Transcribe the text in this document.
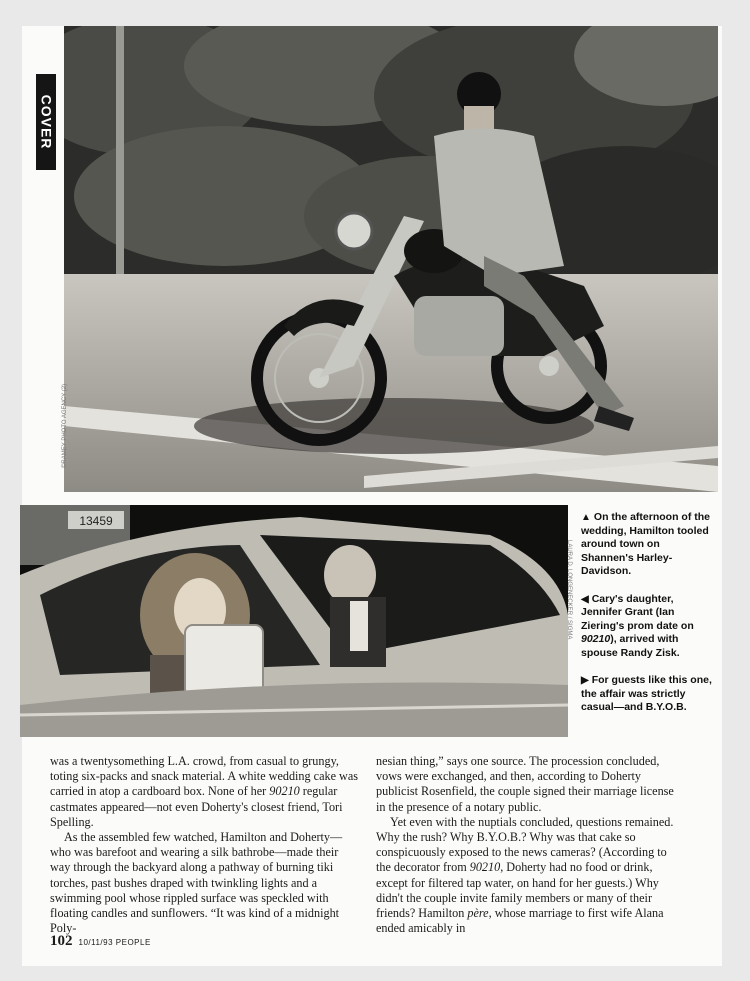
COVER
©RAMEY PHOTO AGENCY (2)
13459
LAURA D. LONGENECKER / SIGMA

▲ On the afternoon of the wedding, Hamilton tooled around town on Shannen's Harley-Davidson.

◀ Cary's daughter, Jennifer Grant (Ian Ziering's prom date on 90210), arrived with spouse Randy Zisk.

▶ For guests like this one, the affair was strictly casual—and B.Y.O.B.

was a twentysomething L.A. crowd, from casual to grungy, toting six-packs and snack material. A white wedding cake was carried in atop a cardboard box. None of her 90210 regular castmates appeared—not even Doherty's closest friend, Tori Spelling.

As the assembled few watched, Hamilton and Doherty—who was barefoot and wearing a silk bathrobe—made their way through the backyard along a pathway of burning tiki torches, past bushes draped with twinkling lights and a swimming pool whose rippled surface was speckled with floating candles and sunflowers. “It was kind of a midnight Poly-

nesian thing,” says one source. The procession concluded, vows were exchanged, and then, according to Doherty publicist Rosenfield, the couple signed their marriage license in the presence of a notary public.

Yet even with the nuptials concluded, questions remained. Why the rush? Why B.Y.O.B.? Why was that cake so conspicuously exposed to the news cameras? (According to the decorator from 90210, Doherty had no food or drink, except for filtered tap water, on hand for her guests.) Why didn't the couple invite family members or many of their friends? Hamilton père, whose marriage to first wife Alana ended amicably in

102 10/11/93 PEOPLE
